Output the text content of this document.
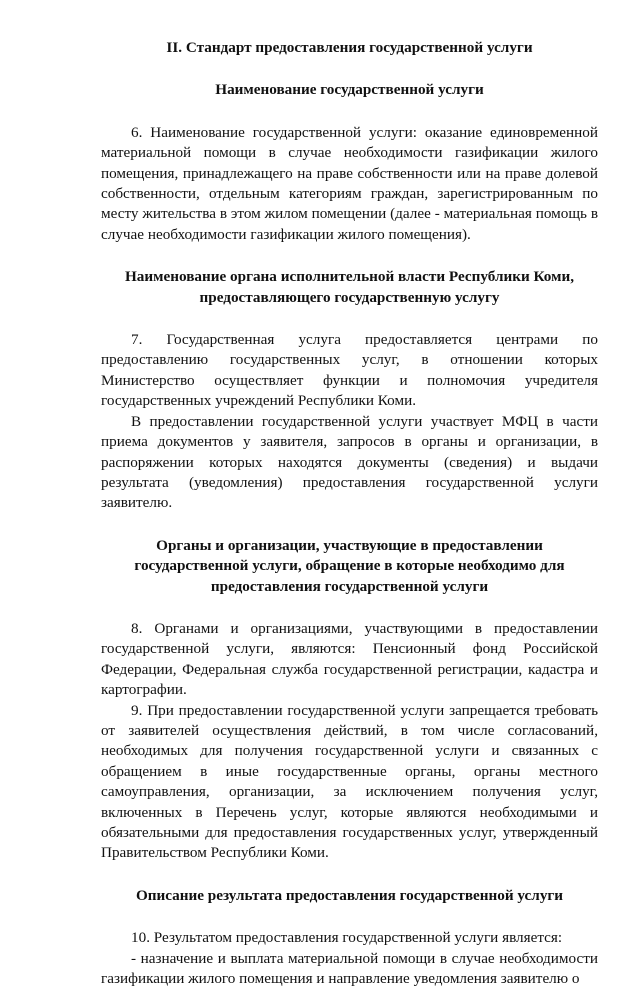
II. Стандарт предоставления государственной услуги
Наименование государственной услуги

6. Наименование государственной услуги: оказание единовременной материальной помощи в случае необходимости газификации жилого помещения, принадлежащего на праве собственности или на праве долевой собственности, отдельным категориям граждан, зарегистрированным по месту жительства в этом жилом помещении (далее - материальная помощь в случае необходимости газификации жилого помещения).

Наименование органа исполнительной власти Республики Коми, предоставляющего государственную услугу

7. Государственная услуга предоставляется центрами по предоставлению государственных услуг, в отношении которых Министерство осуществляет функции и полномочия учредителя государственных учреждений Республики Коми.

В предоставлении государственной услуги участвует МФЦ в части приема документов у заявителя, запросов в органы и организации, в распоряжении которых находятся документы (сведения) и выдачи результата (уведомления) предоставления государственной услуги заявителю.

Органы и организации, участвующие в предоставлении государственной услуги, обращение в которые необходимо для предоставления государственной услуги

8. Органами и организациями, участвующими в предоставлении государственной услуги, являются: Пенсионный фонд Российской Федерации, Федеральная служба государственной регистрации, кадастра и картографии.

9. При предоставлении государственной услуги запрещается требовать от заявителей осуществления действий, в том числе согласований, необходимых для получения государственной услуги и связанных с обращением в иные государственные органы, органы местного самоуправления, организации, за исключением получения услуг, включенных в Перечень услуг, которые являются необходимыми и обязательными для предоставления государственных услуг, утвержденный Правительством Республики Коми.

Описание результата предоставления государственной услуги

10. Результатом предоставления государственной услуги является:

- назначение и выплата материальной помощи в случае необходимости газификации жилого помещения и направление уведомления заявителю о
